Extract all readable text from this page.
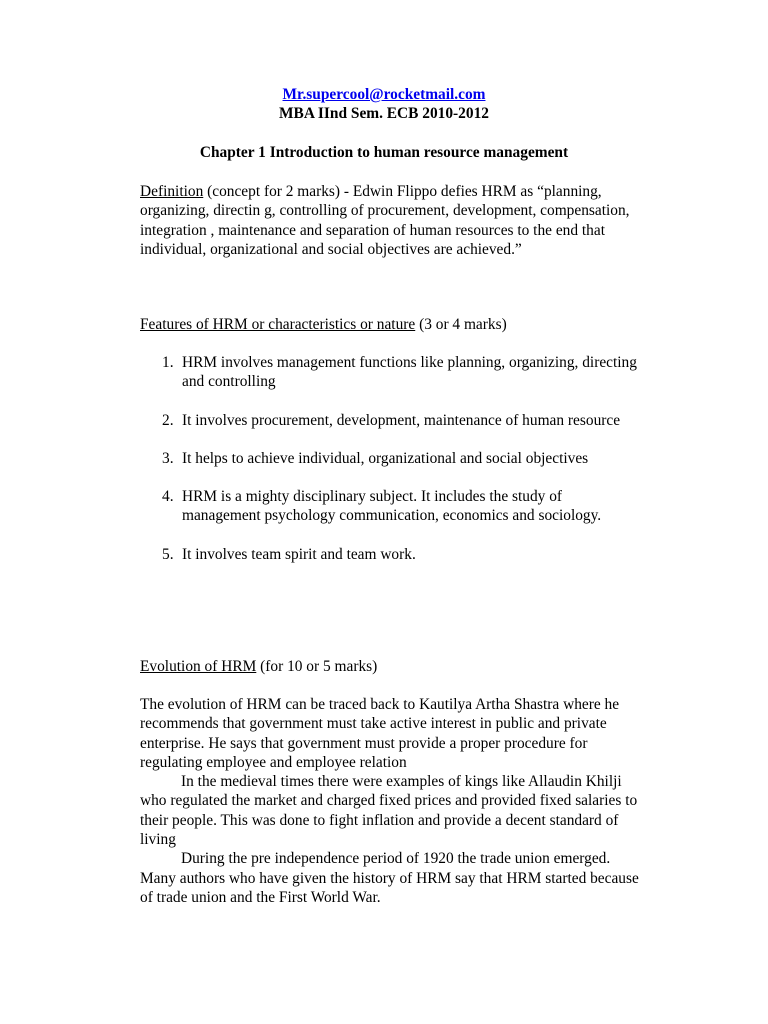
Mr.supercool@rocketmail.com
MBA IInd Sem. ECB 2010-2012
Chapter 1 Introduction to human resource management
Definition (concept for 2 marks) - Edwin Flippo defies HRM as “planning, organizing, directin g, controlling of procurement, development, compensation, integration , maintenance and separation of human resources to the end that individual, organizational and social objectives are achieved.”
Features of HRM or characteristics or nature (3 or 4 marks)
1. HRM involves management functions like planning, organizing, directing and controlling
2. It involves procurement, development, maintenance of human resource
3. It helps to achieve individual, organizational and social objectives
4. HRM is a mighty disciplinary subject. It includes the study of management psychology communication, economics and sociology.
5. It involves team spirit and team work.
Evolution of HRM (for 10 or 5 marks)

The evolution of HRM can be traced back to Kautilya Artha Shastra where he recommends that government must take active interest in public and private enterprise. He says that government must provide a proper procedure for regulating employee and employee relation

In the medieval times there were examples of kings like Allaudin Khilji who regulated the market and charged fixed prices and provided fixed salaries to their people. This was done to fight inflation and provide a decent standard of living

During the pre independence period of 1920 the trade union emerged. Many authors who have given the history of HRM say that HRM started because of trade union and the First World War.
